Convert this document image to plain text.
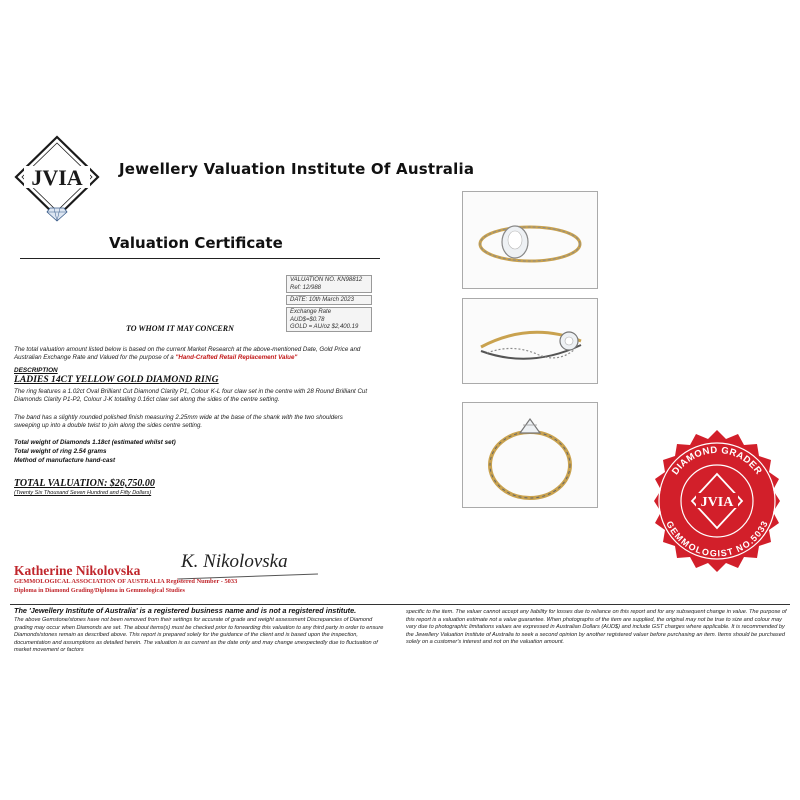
JVIA Jewellery Valuation Institute Of Australia
Valuation Certificate
VALUATION NO. KN98812
Ref: 12/988
DATE: 10th March 2023
Exchange Rate
AUD$=$0.78
GOLD = AU/oz $2,400.19
TO WHOM IT MAY CONCERN
The total valuation amount listed below is based on the current Market Research at the above-mentioned Date, Gold Price and Australian Exchange Rate and Valued for the purpose of a "Hand-Crafted Retail Replacement Value"
DESCRIPTION
LADIES 14CT YELLOW GOLD DIAMOND RING
The ring features a 1.02ct Oval Brilliant Cut Diamond Clarity P1, Colour K-L four claw set in the centre with 28 Round Brilliant Cut Diamonds Clarity P1-P2, Colour J-K totalling 0.16ct claw set along the sides of the centre setting.
The band has a slightly rounded polished finish measuring 2.25mm wide at the base of the shank with the two shoulders sweeping up into a double twist to join along the sides centre setting.
Total weight of Diamonds 1.18ct (estimated whilst set)
Total weight of ring 2.54 grams
Method of manufacture hand-cast
TOTAL VALUATION: $26,750.00
(Twenty Six Thousand Seven Hundred and Fifty Dollars)
Katherine Nikolovska K. Nikolovska
GEMMOLOGICAL ASSOCIATION OF AUSTRALIA Registered Number - 5033
Diploma in Diamond Grading/Diploma in Gemmological Studies
The 'Jewellery Institute of Australia' is a registered business name and is not a registered institute.
The above Gemstone/stones have not been removed from their settings for accurate of grade and weight assessment Discrepancies of Diamond grading may occur when Diamonds are set. The about items(s) must be checked prior to forwarding this valuation to any third party in order to ensure Diamonds/stones remain as described above. This report is prepared solely for the guidance of the client and is based upon the inspection, documentation and assumptions as detailed herein. The valuation is as current as the date only and may change unexpectedly due to fluctuation of market movement or factors
specific to the item. The valuer cannot accept any liability for losses due to reliance on this report and for any subsequent change in value. The purpose of this report is a valuation estimate not a value guarantee. When photographs of the item are supplied, the original may not be true to size and colour may vary due to photographic limitations values are expressed in Australian Dollars (AUD$) and include GST charges where applicable. It is recommended by the Jewellery Valuation Institute of Australia to seek a second opinion by another registered valuer before purchasing an item. Items should be purchased solely on a customer's interest and not on the valuation amount.
DIAMOND GRADER
GEMMOLOGIST NO.5033
JVIA
